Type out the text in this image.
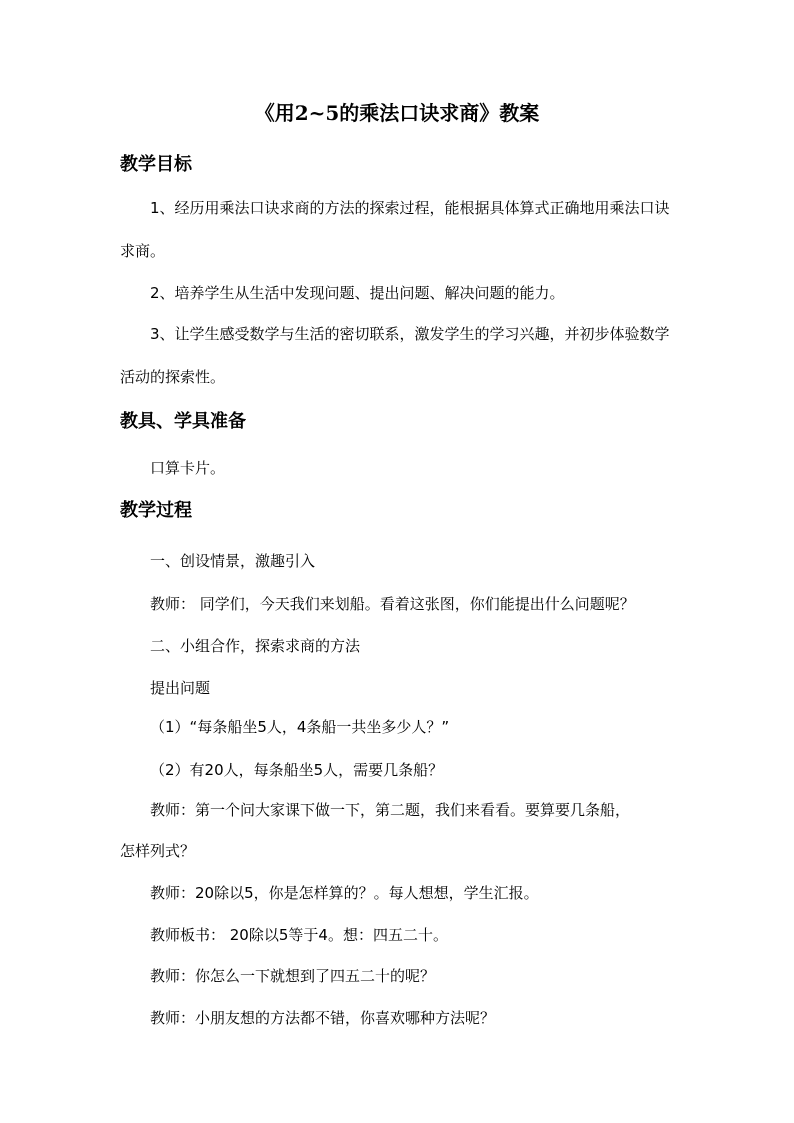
《用2~5的乘法口诀求商》教案
教学目标
1、经历用乘法口诀求商的方法的探索过程，能根据具体算式正确地用乘法口诀求商。
2、培养学生从生活中发现问题、提出问题、解决问题的能力。
3、让学生感受数学与生活的密切联系，激发学生的学习兴趣，并初步体验数学活动的探索性。
教具、学具准备
口算卡片。
教学过程
一、创设情景，激趣引入
教师： 同学们，今天我们来划船。看着这张图，你们能提出什么问题呢？
二、小组合作，探索求商的方法
提出问题
（1）“每条船坐5人，4条船一共坐多少人？”
（2）有20人，每条船坐5人，需要几条船？
教师：第一个问大家课下做一下，第二题，我们来看看。要算要几条船，
怎样列式？
教师：20除以5，你是怎样算的？。每人想想，学生汇报。
教师板书： 20除以5等于4。想：四五二十。
教师：你怎么一下就想到了四五二十的呢？
教师：小朋友想的方法都不错，你喜欢哪种方法呢？
